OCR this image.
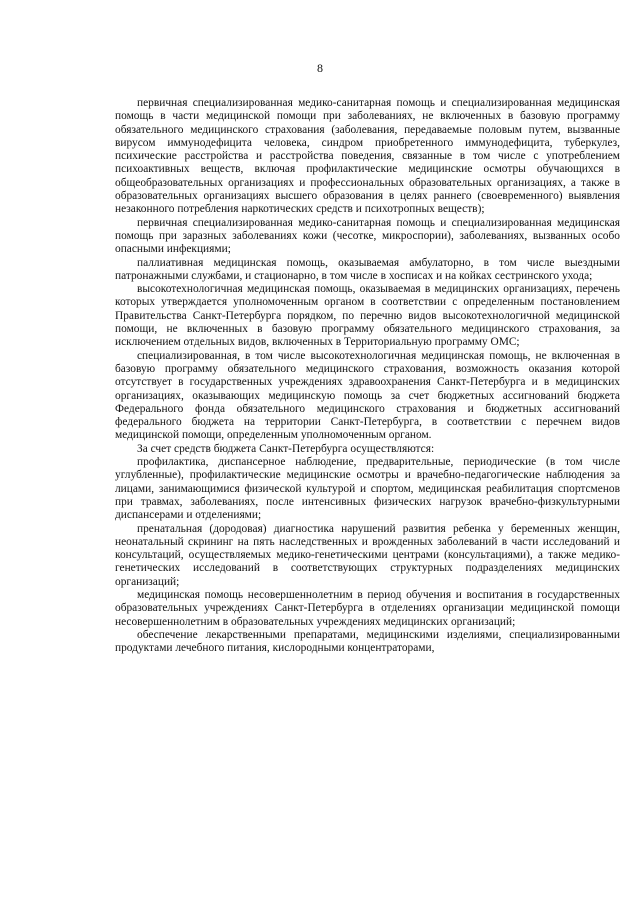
8

первичная специализированная медико-санитарная помощь и специализированная медицинская помощь в части медицинской помощи при заболеваниях, не включенных в базовую программу обязательного медицинского страхования (заболевания, передаваемые половым путем, вызванные вирусом иммунодефицита человека, синдром приобретенного иммунодефицита, туберкулез, психические расстройства и расстройства поведения, связанные в том числе с употреблением психоактивных веществ, включая профилактические медицинские осмотры обучающихся в общеобразовательных организациях и профессиональных образовательных организациях, а также в образовательных организациях высшего образования в целях раннего (своевременного) выявления незаконного потребления наркотических средств и психотропных веществ);

первичная специализированная медико-санитарная помощь и специализированная медицинская помощь при заразных заболеваниях кожи (чесотке, микроспории), заболеваниях, вызванных особо опасными инфекциями;

паллиативная медицинская помощь, оказываемая амбулаторно, в том числе выездными патронажными службами, и стационарно, в том числе в хосписах и на койках сестринского ухода;

высокотехнологичная медицинская помощь, оказываемая в медицинских организациях, перечень которых утверждается уполномоченным органом в соответствии с определенным постановлением Правительства Санкт-Петербурга порядком, по перечню видов высокотехнологичной медицинской помощи, не включенных в базовую программу обязательного медицинского страхования, за исключением отдельных видов, включенных в Территориальную программу ОМС;

специализированная, в том числе высокотехнологичная медицинская помощь, не включенная в базовую программу обязательного медицинского страхования, возможность оказания которой отсутствует в государственных учреждениях здравоохранения Санкт-Петербурга и в медицинских организациях, оказывающих медицинскую помощь за счет бюджетных ассигнований бюджета Федерального фонда обязательного медицинского страхования и бюджетных ассигнований федерального бюджета на территории Санкт-Петербурга, в соответствии с перечнем видов медицинской помощи, определенным уполномоченным органом.

За счет средств бюджета Санкт-Петербурга осуществляются:

профилактика, диспансерное наблюдение, предварительные, периодические (в том числе углубленные), профилактические медицинские осмотры и врачебно-педагогические наблюдения за лицами, занимающимися физической культурой и спортом, медицинская реабилитация спортсменов при травмах, заболеваниях, после интенсивных физических нагрузок врачебно-физкультурными диспансерами и отделениями;

пренатальная (дородовая) диагностика нарушений развития ребенка у беременных женщин, неонатальный скрининг на пять наследственных и врожденных заболеваний в части исследований и консультаций, осуществляемых медико-генетическими центрами (консультациями), а также медико-генетических исследований в соответствующих структурных подразделениях медицинских организаций;

медицинская помощь несовершеннолетним в период обучения и воспитания в государственных образовательных учреждениях Санкт-Петербурга в отделениях организации медицинской помощи несовершеннолетним в образовательных учреждениях медицинских организаций;

обеспечение лекарственными препаратами, медицинскими изделиями, специализированными продуктами лечебного питания, кислородными концентраторами,
